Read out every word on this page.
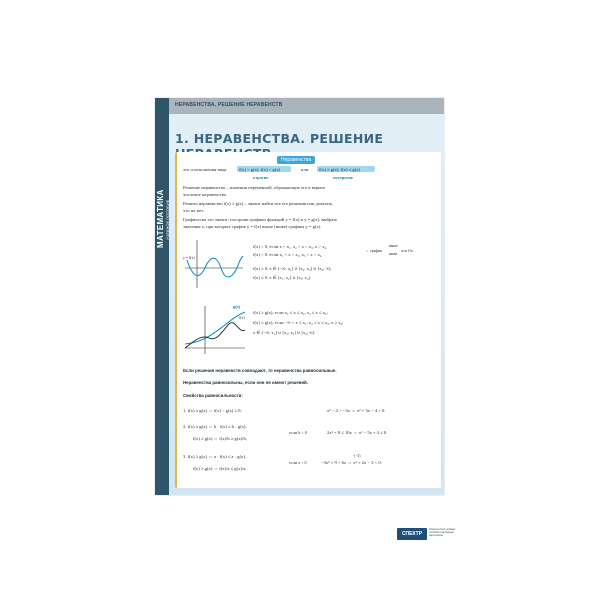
МАТЕМАТИКА УЧЕБНОЕ ПОСОБИЕ
НЕРАВЕНСТВА, РЕШЕНИЕ НЕРАВЕНСТВ
1. НЕРАВЕНСТВА. РЕШЕНИЕ
Неравенства
это соотношения вида	f(x) > g(x), f(x) < g(x)	или f(x) ≥ g(x), f(x) ≤ g(x)
строгие	нестрогие
Решение неравенства – значения переменной, обращающие его в верное
числовое неравенство.
Решить неравенство f(x) ≥ g(x) – значит найти все его решения или доказать,
что их нет.
Графически это значит: построив графики функций y = f(x) и y = g(x), выбрать
значения x, при которых график y = f(x) выше (ниже) графика y = g(x).
y = f(x)
f(x) > 0, если x < x₁, x₂ < x < x₃, x > x₄
f(x) < 0, если x₁ < x < x₂, x₃ < x < x₄
выше
⇔ график
ниже
оси Ox.
f(x) ≥ 0, x ∈ (−∞; x₁] ∪ [x₂; x₃] ∪ [x₄; ∞),
f(x) ≤ 0, x ∈ [x₁; x₂] ∪ [x₃; x₄].
g(x)
f(x)
f(x) ≥ g(x), если x₁ ≤ x ≤ x₂, x₃ ≤ x ≤ x₄;
f(x) ≤ g(x), если −∞ < x ≤ x₁; x₂ ≤ x ≤ x₃; x ≥ x₄;
x ∈ (−∞; x₁] ∪ [x₂; x₃] ∪ [x₄; ∞).
Если решения неравенств совпадают, то неравенства равносильные.
Неравенства равносильны, если они не имеют решений.
Свойства равносильности:
1. f(x) ≥ g(x) ⇔ f(x) − g(x) ≥ 0;	x² − 4 > −3x ⇔ x² + 3x − 4 > 0.
2. f(x) ≥ g(x) ⇔ b · f(x) ≥ b · g(x),
f(x) ≥ g(x) ⇔ f(x)/b ≥ g(x)/b,
если b > 0	2x² + 8 ≤ 10x ⇔ x² − 5x + 4 ≤ 0.
3. f(x) ≥ g(x) ⇔ a · f(x) ≤ a · g(x),
f(x) ≥ g(x) ⇔ f(x)/a ≤ g(x)/a,
если a < 0
·(−3)
−3x² + 9 > 6x ⇔ x² + 2x − 3 < 0.
СПЕКТР
Издательство учебных пособий и наглядных материалов
